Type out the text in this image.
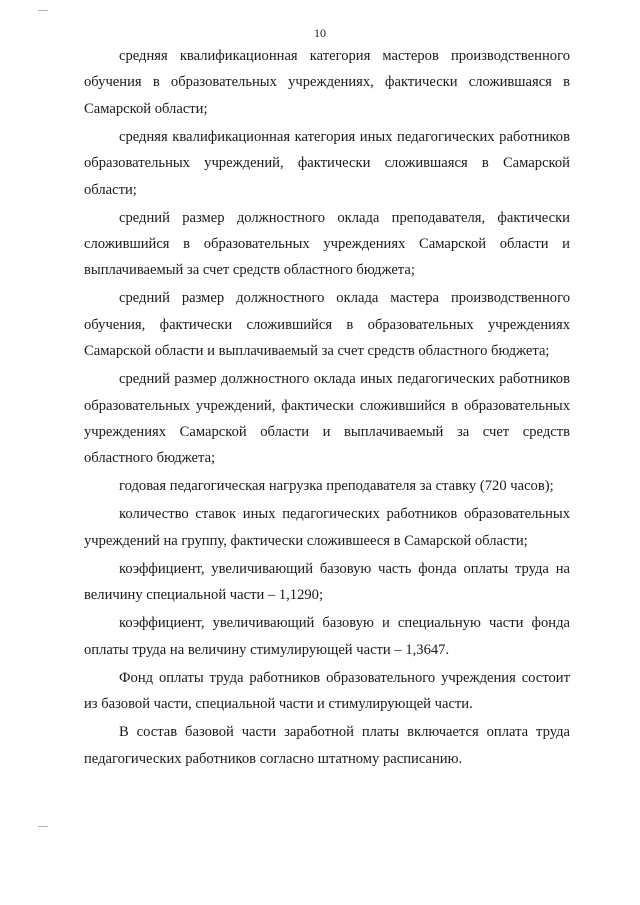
10

средняя квалификационная категория мастеров производственного обучения в образовательных учреждениях, фактически сложившаяся в Самарской области;

средняя квалификационная категория иных педагогических работников образовательных учреждений, фактически сложившаяся в Самарской области;

средний размер должностного оклада преподавателя, фактически сложившийся в образовательных учреждениях Самарской области и выплачиваемый за счет средств областного бюджета;

средний размер должностного оклада мастера производственного обучения, фактически сложившийся в образовательных учреждениях Самарской области и выплачиваемый за счет средств областного бюджета;

средний размер должностного оклада иных педагогических работников образовательных учреждений, фактически сложившийся в образовательных учреждениях Самарской области и выплачиваемый за счет средств областного бюджета;

годовая педагогическая нагрузка преподавателя за ставку (720 часов);

количество ставок иных педагогических работников образовательных учреждений на группу, фактически сложившееся в Самарской области;

коэффициент, увеличивающий базовую часть фонда оплаты труда на величину специальной части – 1,1290;

коэффициент, увеличивающий базовую и специальную части фонда оплаты труда на величину стимулирующей части – 1,3647.

Фонд оплаты труда работников образовательного учреждения состоит из базовой части, специальной части и стимулирующей части.

В состав базовой части заработной платы включается оплата труда педагогических работников согласно штатному расписанию.
